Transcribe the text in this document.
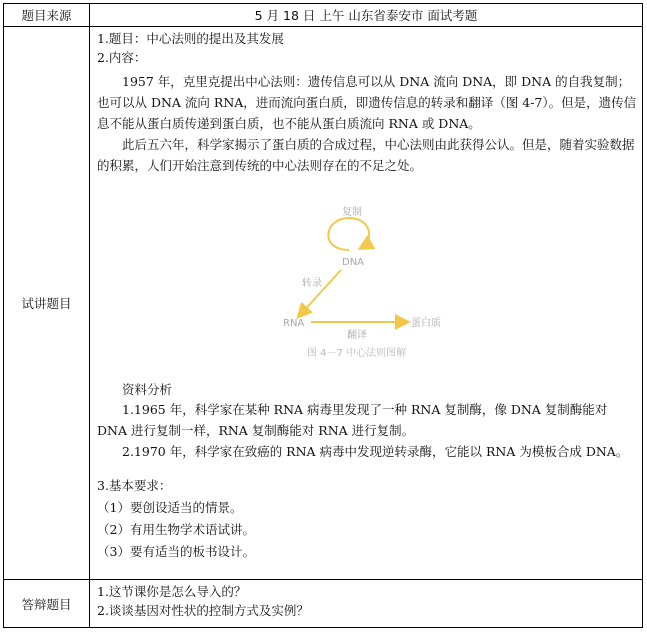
题目来源	5 月 18 日 上午 山东省泰安市 面试考题
试讲题目

1.题目：中心法则的提出及其发展

2.内容：

1957 年，克里克提出中心法则：遗传信息可以从 DNA 流向 DNA，即 DNA 的自我复制；也可以从 DNA 流向 RNA，进而流向蛋白质，即遗传信息的转录和翻译（图 4-7）。但是，遗传信息不能从蛋白质传递到蛋白质，也不能从蛋白质流向 RNA 或 DNA。

此后五六年，科学家揭示了蛋白质的合成过程，中心法则由此获得公认。但是，随着实验数据的积累，人们开始注意到传统的中心法则存在的不足之处。

资料分析

1.1965 年，科学家在某种 RNA 病毒里发现了一种 RNA 复制酶，像 DNA 复制酶能对 DNA 进行复制一样，RNA 复制酶能对 RNA 进行复制。

2.1970 年，科学家在致癌的 RNA 病毒中发现逆转录酶，它能以 RNA 为模板合成 DNA。

3.基本要求：

（1）要创设适当的情景。

（2）有用生物学术语试讲。

（3）要有适当的板书设计。

答辩题目

1.这节课你是怎么导入的？

2.谈谈基因对性状的控制方式及实例？

复制
DNA
转录
RNA
翻译
蛋白质
图 4－7 中心法则图解
